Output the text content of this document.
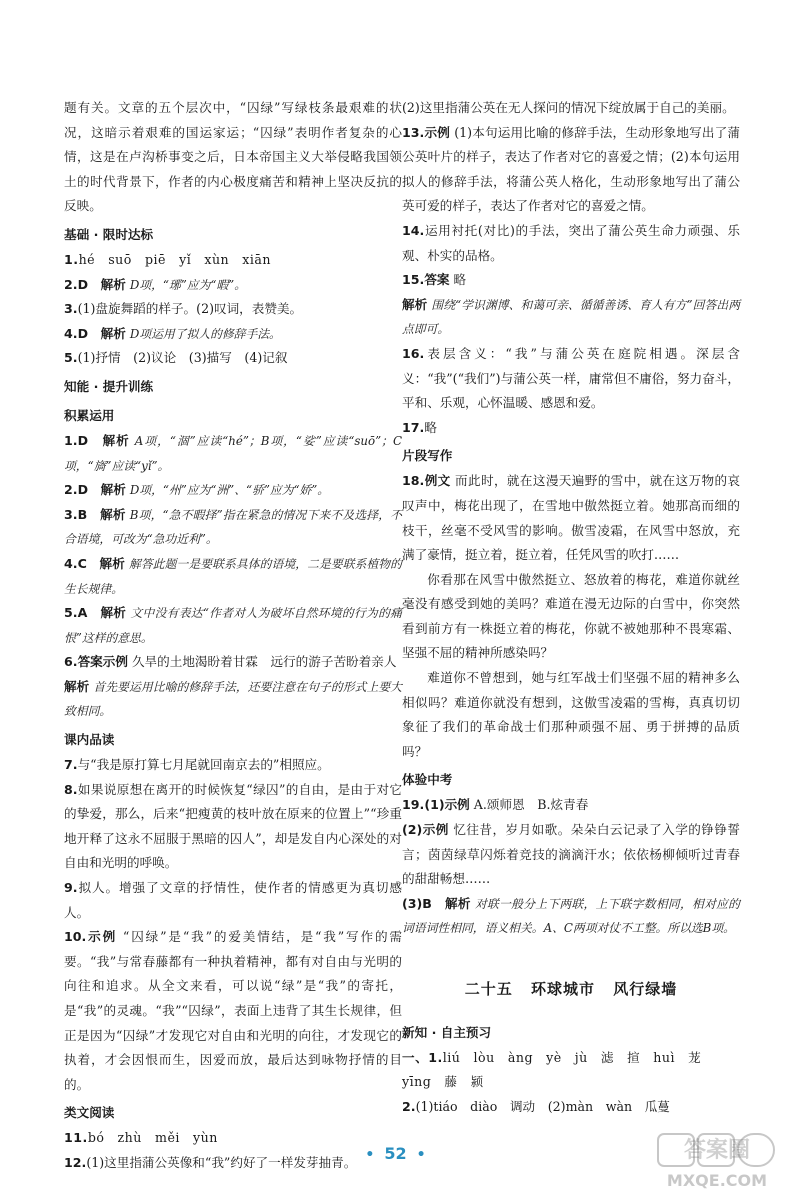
题有关。文章的五个层次中，“囚绿”写绿枝条最艰难的状况，这暗示着艰难的国运家运；“囚绿”表明作者复杂的心情，这是在卢沟桥事变之后，日本帝国主义大举侵略我国领土的时代背景下，作者的内心极度痛苦和精神上坚决反抗的反映。

基础 · 限时达标

1.hé　suō　piē　yǐ　xùn　xiān

2.D　解析 D项，“琊”应为“暇”。

3.(1)盘旋舞蹈的样子。(2)叹词，表赞美。

4.D　解析 D项运用了拟人的修辞手法。

5.(1)抒情　(2)议论　(3)描写　(4)记叙

知能 · 提升训练
积累运用

1.D　解析 A项，“涸”应读“hé”；B项，“娑”应读“suō”；C项，“旖”应读“yǐ”。

2.D　解析 D项，“州”应为“洲”、“骄”应为“娇”。

3.B　解析 B项，“急不暇择”指在紧急的情况下来不及选择，不合语境，可改为“急功近利”。

4.C　解析 解答此题一是要联系具体的语境，二是要联系植物的生长规律。

5.A　解析 文中没有表达“作者对人为破坏自然环境的行为的痛恨”这样的意思。

6.答案示例 久旱的土地渴盼着甘霖　远行的游子苦盼着亲人

解析 首先要运用比喻的修辞手法，还要注意在句子的形式上要大致相同。

课内品读

7.与“我是原打算七月尾就回南京去的”相照应。

8.如果说原想在离开的时候恢复“绿囚”的自由，是由于对它的挚爱，那么，后来“把瘦黄的枝叶放在原来的位置上”“珍重地开释了这永不屈服于黑暗的囚人”，却是发自内心深处的对自由和光明的呼唤。

9.拟人。增强了文章的抒情性，使作者的情感更为真切感人。

10.示例 “囚绿”是“我”的爱美情结，是“我”写作的需要。“我”与常春藤都有一种执着精神，都有对自由与光明的向往和追求。从全文来看，可以说“绿”是“我”的寄托，是“我”的灵魂。“我”“囚绿”，表面上违背了其生长规律，但正是因为“囚绿”才发现它对自由和光明的向往，才发现它的执着，才会因恨而生，因爱而放，最后达到咏物抒情的目的。

类文阅读

11.bó　zhù　měi　yùn

12.(1)这里指蒲公英像和“我”约好了一样发芽抽青。

(2)这里指蒲公英在无人探问的情况下绽放属于自己的美丽。

13.示例 (1)本句运用比喻的修辞手法，生动形象地写出了蒲公英叶片的样子，表达了作者对它的喜爱之情；(2)本句运用拟人的修辞手法，将蒲公英人格化，生动形象地写出了蒲公英可爱的样子，表达了作者对它的喜爱之情。

14.运用衬托(对比)的手法，突出了蒲公英生命力顽强、乐观、朴实的品格。

15.答案 略

解析 围绕“学识渊博、和蔼可亲、循循善诱、育人有方”回答出两点即可。

16.表层含义：“我”与蒲公英在庭院相遇。深层含义：“我”(“我们”)与蒲公英一样，庸常但不庸俗，努力奋斗，平和、乐观，心怀温暖、感恩和爱。

17.略

片段写作

18.例文 而此时，就在这漫天遍野的雪中，就在这万物的哀叹声中，梅花出现了，在雪地中傲然挺立着。她那高而细的枝干，丝毫不受风雪的影响。傲雪凌霜，在风雪中怒放，充满了豪情，挺立着，挺立着，任凭风雪的吹打……

你看那在风雪中傲然挺立、怒放着的梅花，难道你就丝毫没有感受到她的美吗？难道在漫无边际的白雪中，你突然看到前方有一株挺立着的梅花，你就不被她那种不畏寒霜、坚强不屈的精神所感染吗？

难道你不曾想到，她与红军战士们坚强不屈的精神多么相似吗？难道你就没有想到，这傲雪凌霜的雪梅，真真切切象征了我们的革命战士们那种顽强不屈、勇于拼搏的品质吗？

体验中考

19.(1)示例 A.颂师恩　B.炫青春

(2)示例 忆往昔，岁月如歌。朵朵白云记录了入学的铮铮誓言；茵茵绿草闪烁着竞技的滴滴汗水；依依杨柳倾听过青春的甜甜畅想……

(3)B　解析 对联一般分上下两联，上下联字数相同，相对应的词语词性相同，语义相关。A、C两项对仗不工整。所以选B项。

二十五 环球城市 风行绿墙
新知 · 自主预习

一、1.liú　lòu　àng　yè　jù　滤　揎　huì　茏

yīng　藤　颍

2.(1)tiáo　diào　调动　(2)màn　wàn　瓜蔓

• 52 •	答案圈
MXQE.COM
